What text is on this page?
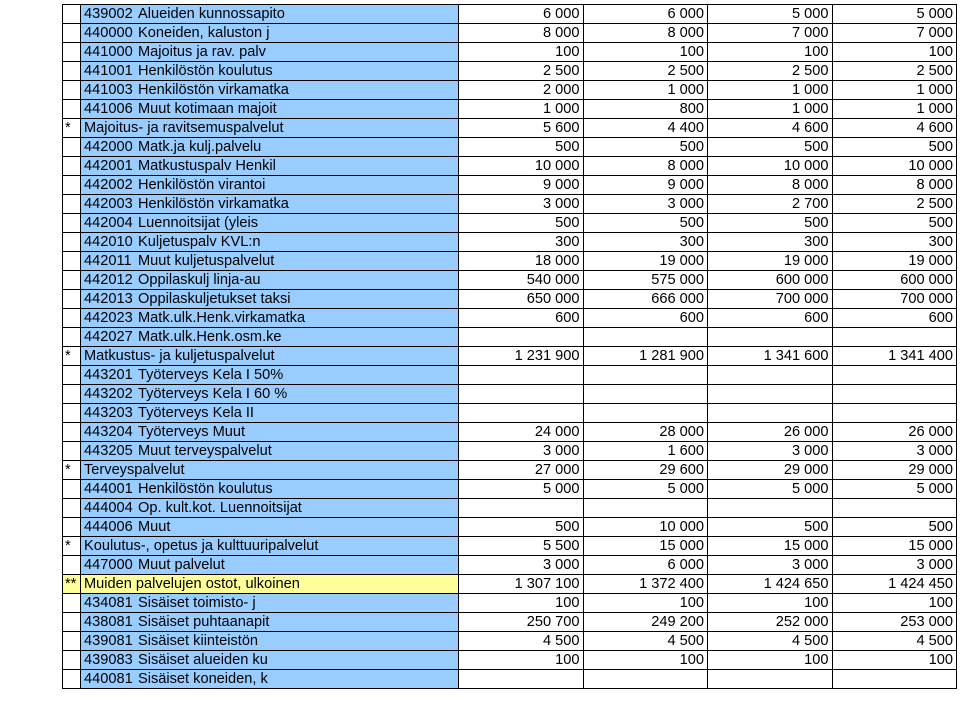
	439002 Alueiden kunnossapito	6 000	6 000	5 000	5 000
	440000 Koneiden, kaluston j	8 000	8 000	7 000	7 000
	441000 Majoitus ja rav. palv	100	100	100	100
	441001 Henkilöstön koulutus	2 500	2 500	2 500	2 500
	441003 Henkilöstön virkamatka	2 000	1 000	1 000	1 000
	441006 Muut kotimaan majoit	1 000	800	1 000	1 000
*	Majoitus- ja ravitsemuspalvelut	5 600	4 400	4 600	4 600
	442000 Matk.ja kulj.palvelu	500	500	500	500
	442001 Matkustuspalv Henkil	10 000	8 000	10 000	10 000
	442002 Henkilöstön virantoi	9 000	9 000	8 000	8 000
	442003 Henkilöstön virkamatka	3 000	3 000	2 700	2 500
	442004 Luennoitsijat (yleis	500	500	500	500
	442010 Kuljetuspalv KVL:n	300	300	300	300
	442011 Muut kuljetuspalvelut	18 000	19 000	19 000	19 000
	442012 Oppilaskulj linja-au	540 000	575 000	600 000	600 000
	442013 Oppilaskuljetukset taksi	650 000	666 000	700 000	700 000
	442023 Matk.ulk.Henk.virkamatka	600	600	600	600
	442027 Matk.ulk.Henk.osm.ke				
*	Matkustus- ja kuljetuspalvelut	1 231 900	1 281 900	1 341 600	1 341 400
	443201 Työterveys Kela I 50%				
	443202 Työterveys Kela I 60 %				
	443203 Työterveys Kela II				
	443204 Työterveys Muut	24 000	28 000	26 000	26 000
	443205 Muut terveyspalvelut	3 000	1 600	3 000	3 000
*	Terveyspalvelut	27 000	29 600	29 000	29 000
	444001 Henkilöstön koulutus	5 000	5 000	5 000	5 000
	444004 Op. kult.kot. Luennoitsijat				
	444006 Muut	500	10 000	500	500
*	Koulutus-, opetus ja kulttuuripalvelut	5 500	15 000	15 000	15 000
	447000 Muut palvelut	3 000	6 000	3 000	3 000
**	Muiden palvelujen ostot, ulkoinen	1 307 100	1 372 400	1 424 650	1 424 450
	434081 Sisäiset toimisto- j	100	100	100	100
	438081 Sisäiset puhtaanapit	250 700	249 200	252 000	253 000
	439081 Sisäiset kiinteistön	4 500	4 500	4 500	4 500
	439083 Sisäiset alueiden ku	100	100	100	100
	440081 Sisäiset koneiden, k				
